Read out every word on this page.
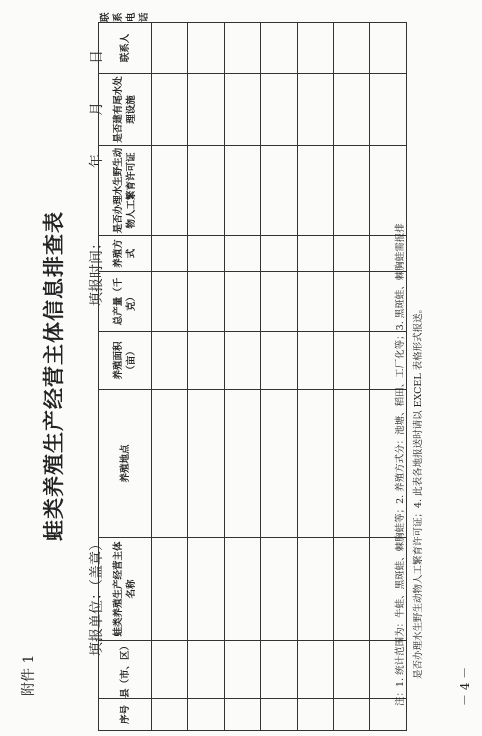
附件 1
蛙类养殖生产经营主体信息排查表
填报单位：（盖章）
填报时间：
年
月
日
序号	县（市、区）	蛙类养殖生产经营主体名称	养殖地点	养殖面积（亩）	总产量（千克）	养殖方式	是否办理水生野生动物人工繁育许可证	是否建有尾水处理设施	联系人	联系电话

注：1. 统计范围为：牛蛙、黑斑蛙、棘胸蛙等；2. 养殖方式分：池塘、稻田、工厂化等；3. 黑斑蛙、棘胸蛙需报排 是否办理水生野生动物人工繁育许可证；4. 此表各地报送时请以 EXCEL 表格形式报送。
－ 4 －
